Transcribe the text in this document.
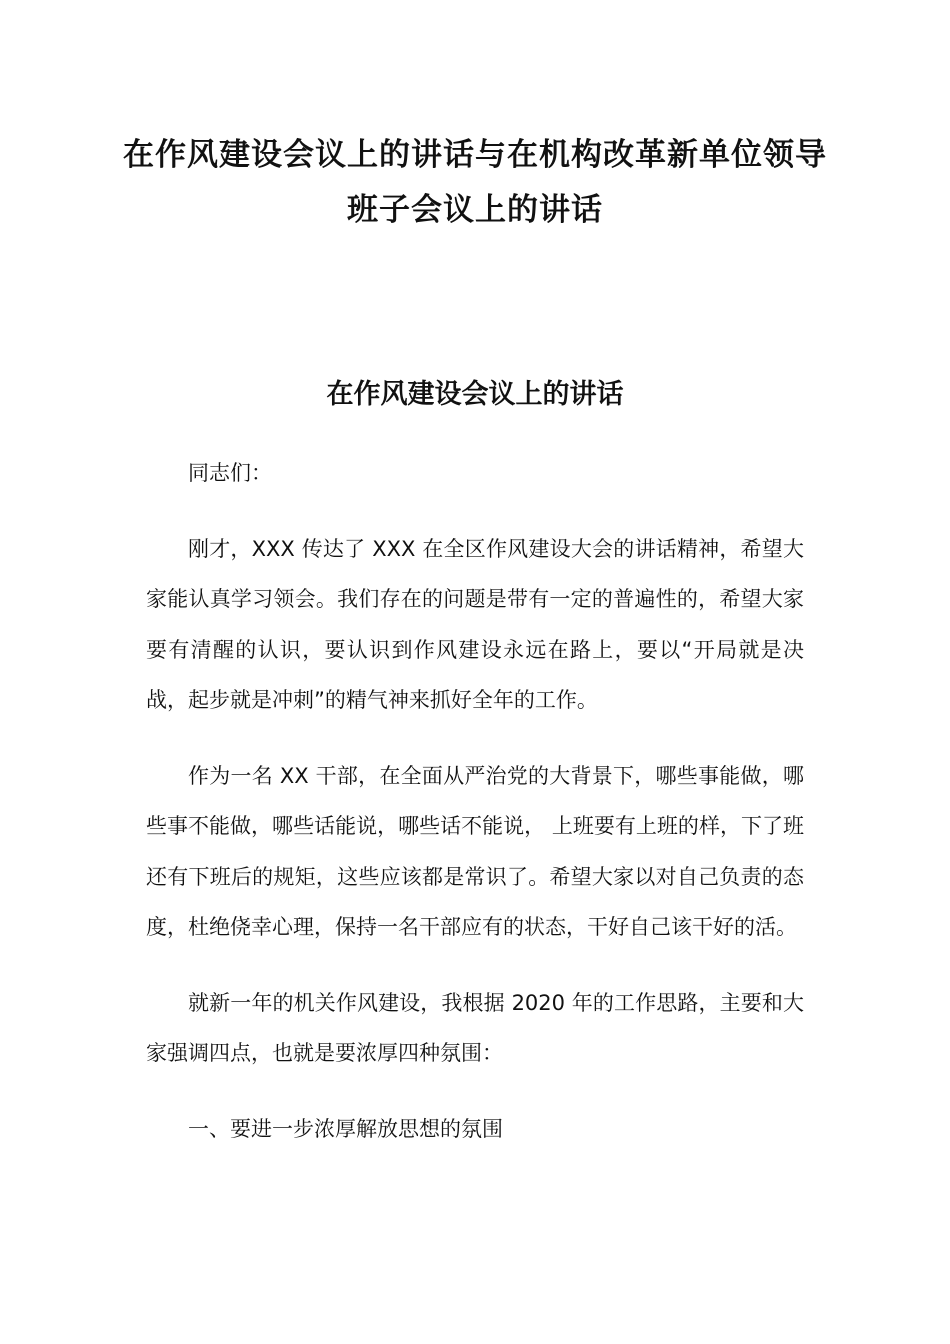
在作风建设会议上的讲话与在机构改革新单位领导班子会议上的讲话
在作风建设会议上的讲话

同志们：

刚才，XXX 传达了 XXX 在全区作风建设大会的讲话精神，希望大家能认真学习领会。我们存在的问题是带有一定的普遍性的，希望大家要有清醒的认识，要认识到作风建设永远在路上，要以“开局就是决战，起步就是冲刺”的精气神来抓好全年的工作。

作为一名 XX 干部，在全面从严治党的大背景下，哪些事能做，哪些事不能做，哪些话能说，哪些话不能说， 上班要有上班的样，下了班还有下班后的规矩，这些应该都是常识了。希望大家以对自己负责的态度，杜绝侥幸心理，保持一名干部应有的状态，干好自己该干好的活。

就新一年的机关作风建设，我根据 2020 年的工作思路，主要和大家强调四点，也就是要浓厚四种氛围：

一、要进一步浓厚解放思想的氛围
